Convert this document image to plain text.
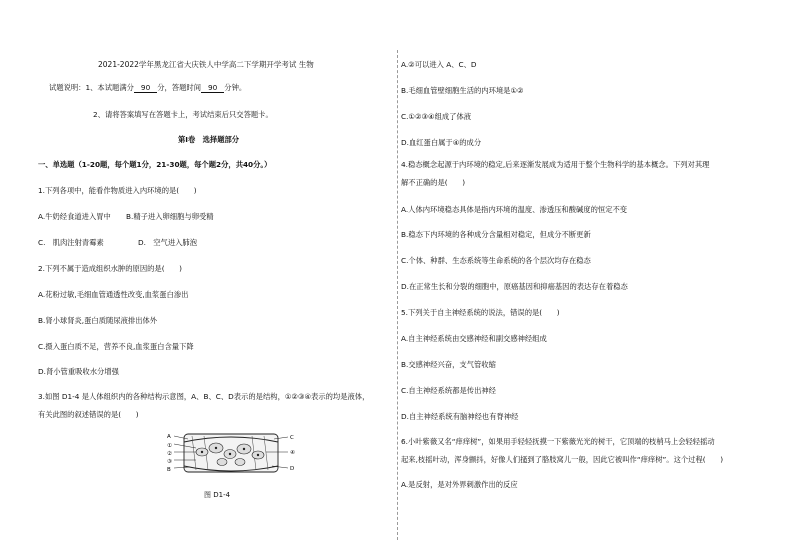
2021-2022学年黑龙江省大庆铁人中学高二下学期开学考试 生物
试题说明：1、本试题满分 90 分，答题时间 90 分钟。
2、请将答案填写在答题卡上，考试结束后只交答题卡。
第Ⅰ卷　选择题部分
一、单选题（1-20题，每个题1分，21-30题，每个题2分，共40分。）
1.下列各项中，能看作物质进入内环境的是(　　)
A.牛奶经食道进入胃中 B.精子进入卵细胞与卵受精
C.　肌肉注射青霉素	D.　空气进入肺泡
2.下列不属于造成组织水肿的原因的是(　　)
A.花粉过敏,毛细血管通透性改变,血浆蛋白渗出
B.肾小球肾炎,蛋白质随尿液排出体外
C.摄入蛋白质不足，营养不良,血浆蛋白含量下降
D.肾小管重吸收水分增强
3.如图 D1-4 是人体组织内的各种结构示意图，A、B、C、D表示的是结构，①②③④表示的均是液体，
有关此图的叙述错误的是(　　)
A
①
②
③
B
C
④
D
图 D1-4
A.②可以进入 A、C、D
B.毛细血管壁细胞生活的内环境是①②
C.①②③④组成了体液
D.血红蛋白属于④的成分
4.稳态概念起源于内环境的稳定,后来逐渐发展成为适用于整个生物科学的基本概念。下列对其理
解不正确的是(　　)
A.人体内环境稳态具体是指内环境的温度、渗透压和酸碱度的恒定不变
B.稳态下内环境的各种成分含量相对稳定，但成分不断更新
C.个体、种群、生态系统等生命系统的各个层次均存在稳态
D.在正常生长和分裂的细胞中，原癌基因和抑癌基因的表达存在着稳态
5.下列关于自主神经系统的说法，错误的是(　　)
A.自主神经系统由交感神经和副交感神经组成
B.交感神经兴奋，支气管收缩
C.自主神经系统都是传出神经
D.自主神经系统有脑神经也有脊神经
6.小叶紫薇又名“痒痒树”，如果用手轻轻抚摸一下紫薇光光的树干，它顶端的枝梢马上会轻轻摇动
起来,枝摇叶动，浑身颤抖，好像人们搔到了胳肢窝儿一般，因此它被叫作“痒痒树”。这个过程(　　)
A.是反射，是对外界刺激作出的反应
